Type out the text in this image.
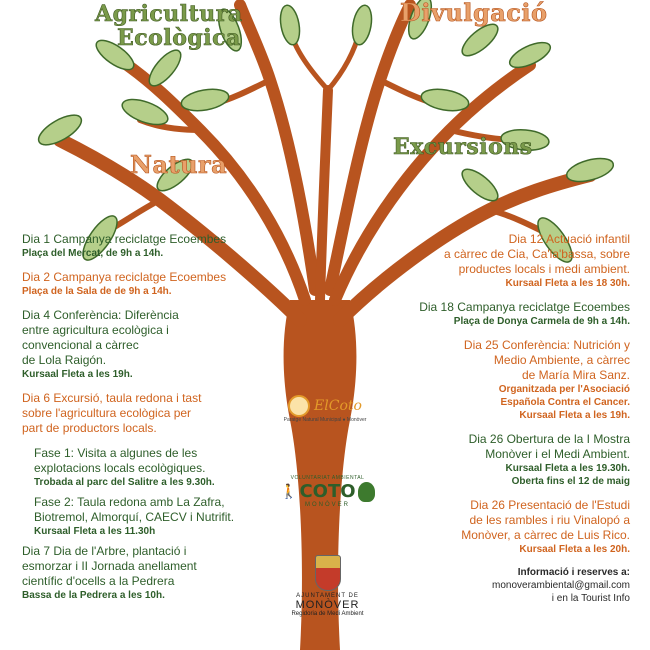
Agricultura
Ecològica
Divulgació
Natura
Excursions
Dia 1 Campanya reciclatge Ecoembes
Plaça del Mercat, de 9h a 14h.
Dia 2 Campanya reciclatge Ecoembes
Plaça de la Sala de de 9h a 14h.
Dia 4 Conferència: Diferència
entre agricultura ecològica i
convencional a càrrec
de Lola Raigón.
Kursaal Fleta a les 19h.
Dia 6 Excursió, taula redona i tast
sobre l'agricultura ecològica per
part de productors locals.
Fase 1: Visita a algunes de les
explotacions locals ecològiques.
Trobada al parc del Salitre a les 9.30h.
Fase 2: Taula redona amb La Zafra,
Biotremol, Almorquí, CAECV i Nutrifit.
Kursaal Fleta a les 11.30h
Dia 7 Dia de l'Arbre, plantació i
esmorzar i II Jornada anellament
científic d'ocells a la Pedrera
Bassa de la Pedrera a les 10h.
Dia 12 Actuació infantil
a càrrec de Cia, Ca'la'bassa, sobre
productes locals i medi ambient.
Kursaal Fleta a les 18 30h.
Dia 18 Campanya reciclatge Ecoembes
Plaça de Donya Carmela de 9h a 14h.
Dia 25 Conferència: Nutrición y
Medio Ambiente, a càrrec
de María Mira Sanz.
Organitzada per l'Asociació
Española Contra el Cancer.
Kursaal Fleta a les 19h.
Dia 26 Obertura de la I Mostra
Monòver i el Medi Ambient.
Kursaal Fleta a les 19.30h.
Oberta fins el 12 de maig
Dia 26 Presentació de l'Estudi
de les rambles i riu Vinalopó a
Monòver, a càrrec de Luis Rico.
Kursaal Fleta a les 20h.
Informació i reserves a:
monoverambiental@gmail.com
i en la Tourist Info
ElCoto
Paratge Natural Municipal ● Monòver
VOLUNTARIAT AMBIENTAL
🚶 COTO
MONÒVER
AJUNTAMENT DE
MONÒVER
Regidoria de Medi Ambient
